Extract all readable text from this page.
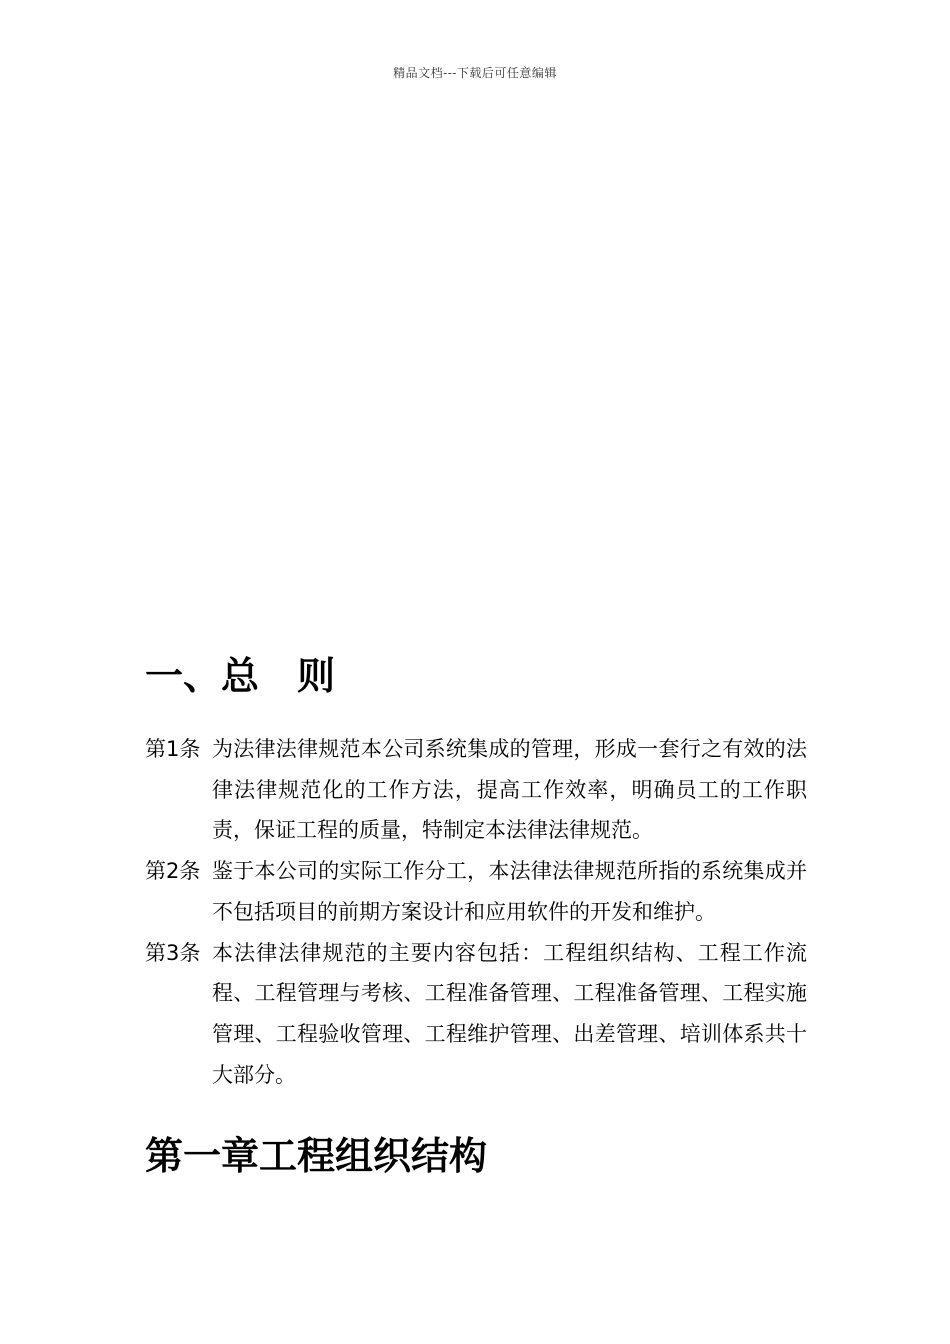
精品文档---下载后可任意编辑
一、总 则
第1条 为法律法律规范本公司系统集成的管理，形成一套行之有效的法律法律规范化的工作方法，提高工作效率，明确员工的工作职责，保证工程的质量，特制定本法律法律规范。
第2条 鉴于本公司的实际工作分工，本法律法律规范所指的系统集成并不包括项目的前期方案设计和应用软件的开发和维护。
第3条 本法律法律规范的主要内容包括：工程组织结构、工程工作流程、工程管理与考核、工程准备管理、工程准备管理、工程实施管理、工程验收管理、工程维护管理、出差管理、培训体系共十大部分。
第一章工程组织结构
